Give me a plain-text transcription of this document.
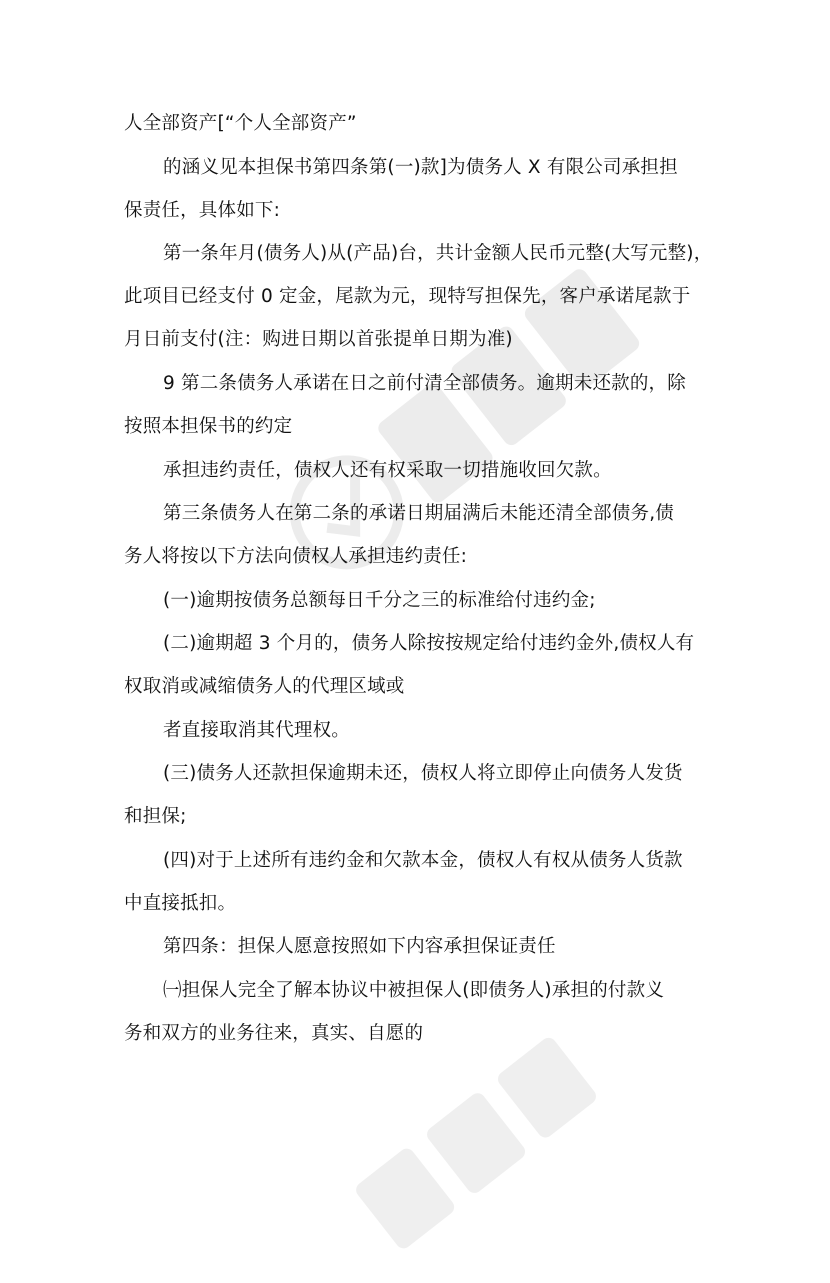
人全部资产[“个人全部资产”
的涵义见本担保书第四条第(一)款]为债务人 X 有限公司承担担
保责任，具体如下:
第一条年月(债务人)从(产品)台，共计金额人民币元整(大写元整)，
此项目已经支付 0 定金，尾款为元，现特写担保先，客户承诺尾款于
月日前支付(注：购进日期以首张提单日期为准)
9 第二条债务人承诺在日之前付清全部债务。逾期未还款的，除
按照本担保书的约定
承担违约责任，债权人还有权采取一切措施收回欠款。
第三条债务人在第二条的承诺日期届满后未能还清全部债务,债
务人将按以下方法向债权人承担违约责任:
(一)逾期按债务总额每日千分之三的标准给付违约金;
(二)逾期超 3 个月的，债务人除按按规定给付违约金外,债权人有
权取消或减缩债务人的代理区域或
者直接取消其代理权。
(三)债务人还款担保逾期未还，债权人将立即停止向债务人发货
和担保;
(四)对于上述所有违约金和欠款本金，债权人有权从债务人货款
中直接抵扣。
第四条：担保人愿意按照如下内容承担保证责任
㈠担保人完全了解本协议中被担保人(即债务人)承担的付款义
务和双方的业务往来，真实、自愿的
